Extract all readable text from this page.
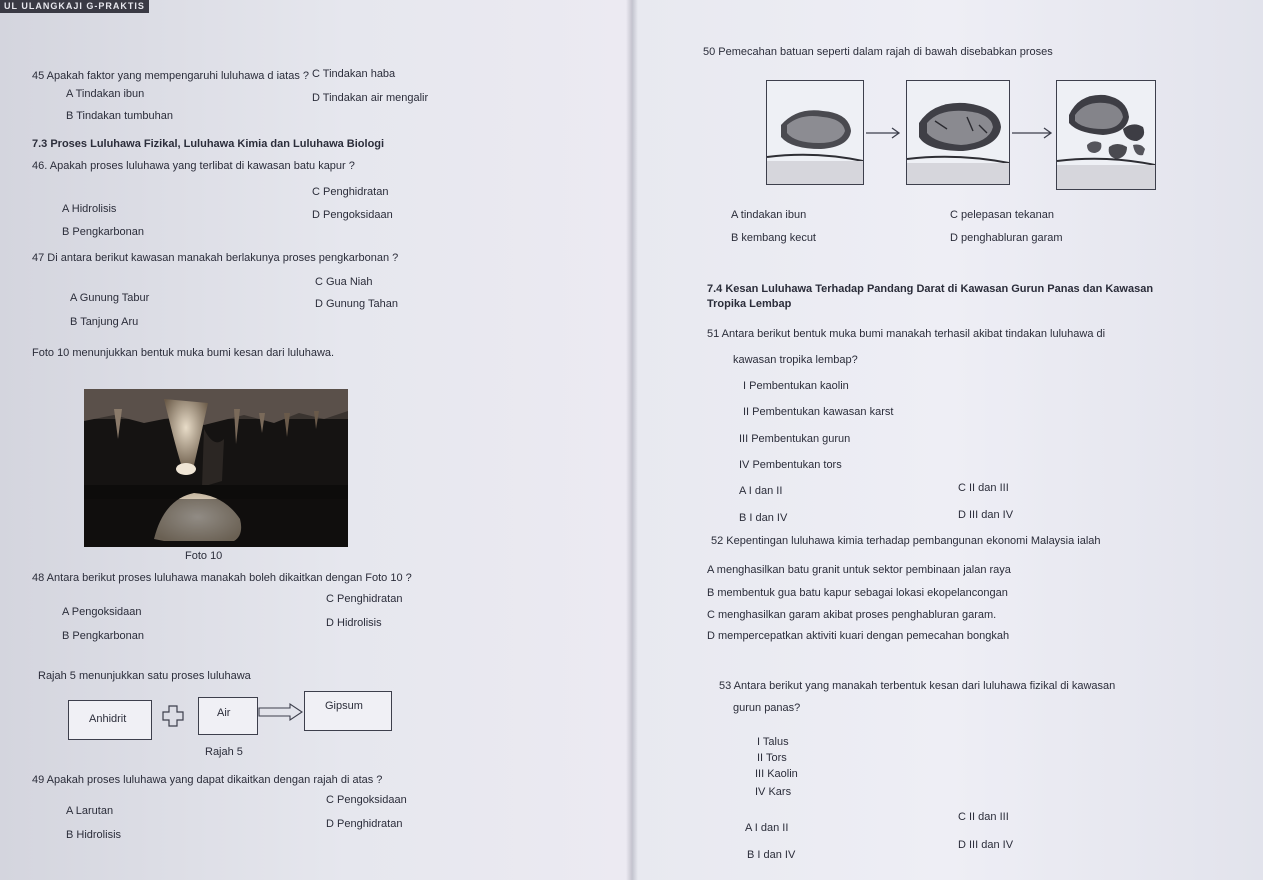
UL ULANGKAJI G-PRAKTIS
45 Apakah faktor yang mempengaruhi luluhawa d iatas ?
A Tindakan ibun
B Tindakan tumbuhan
C Tindakan haba
D Tindakan air mengalir
7.3 Proses Luluhawa Fizikal, Luluhawa Kimia dan Luluhawa Biologi
46. Apakah proses luluhawa yang terlibat di kawasan batu kapur ?
A Hidrolisis
B Pengkarbonan
C Penghidratan
D Pengoksidaan
47 Di antara berikut kawasan manakah berlakunya proses pengkarbonan ?
A Gunung Tabur
B Tanjung Aru
C Gua Niah
D Gunung Tahan
Foto 10 menunjukkan bentuk muka bumi kesan dari luluhawa.
Foto 10
48 Antara berikut proses luluhawa manakah boleh dikaitkan dengan Foto 10 ?
A Pengoksidaan
B Pengkarbonan
C Penghidratan
D Hidrolisis
Rajah 5 menunjukkan satu proses luluhawa
Anhidrit	Air
Gipsum
Rajah 5
49 Apakah proses luluhawa yang dapat dikaitkan dengan rajah di atas ?
A Larutan
B Hidrolisis
C Pengoksidaan
D Penghidratan
50 Pemecahan batuan seperti dalam rajah di bawah disebabkan proses
A tindakan ibun
B kembang kecut
C pelepasan tekanan
D penghabluran garam
7.4 Kesan Luluhawa Terhadap Pandang Darat di Kawasan Gurun Panas dan Kawasan
Tropika Lembap
51 Antara berikut bentuk muka bumi manakah terhasil akibat tindakan luluhawa di
kawasan tropika lembap?
I Pembentukan kaolin
II Pembentukan kawasan karst
III Pembentukan gurun
IV Pembentukan tors
A I dan II
B I dan IV
C II dan III
D III dan IV
52 Kepentingan luluhawa kimia terhadap pembangunan ekonomi Malaysia ialah
A menghasilkan batu granit untuk sektor pembinaan jalan raya
B membentuk gua batu kapur sebagai lokasi ekopelancongan
C menghasilkan garam akibat proses penghabluran garam.
D mempercepatkan aktiviti kuari dengan pemecahan bongkah
53 Antara berikut yang manakah terbentuk kesan dari luluhawa fizikal di kawasan
gurun panas?
I Talus
II Tors
III Kaolin
IV Kars
A I dan II
B I dan IV
C II dan III
D III dan IV
